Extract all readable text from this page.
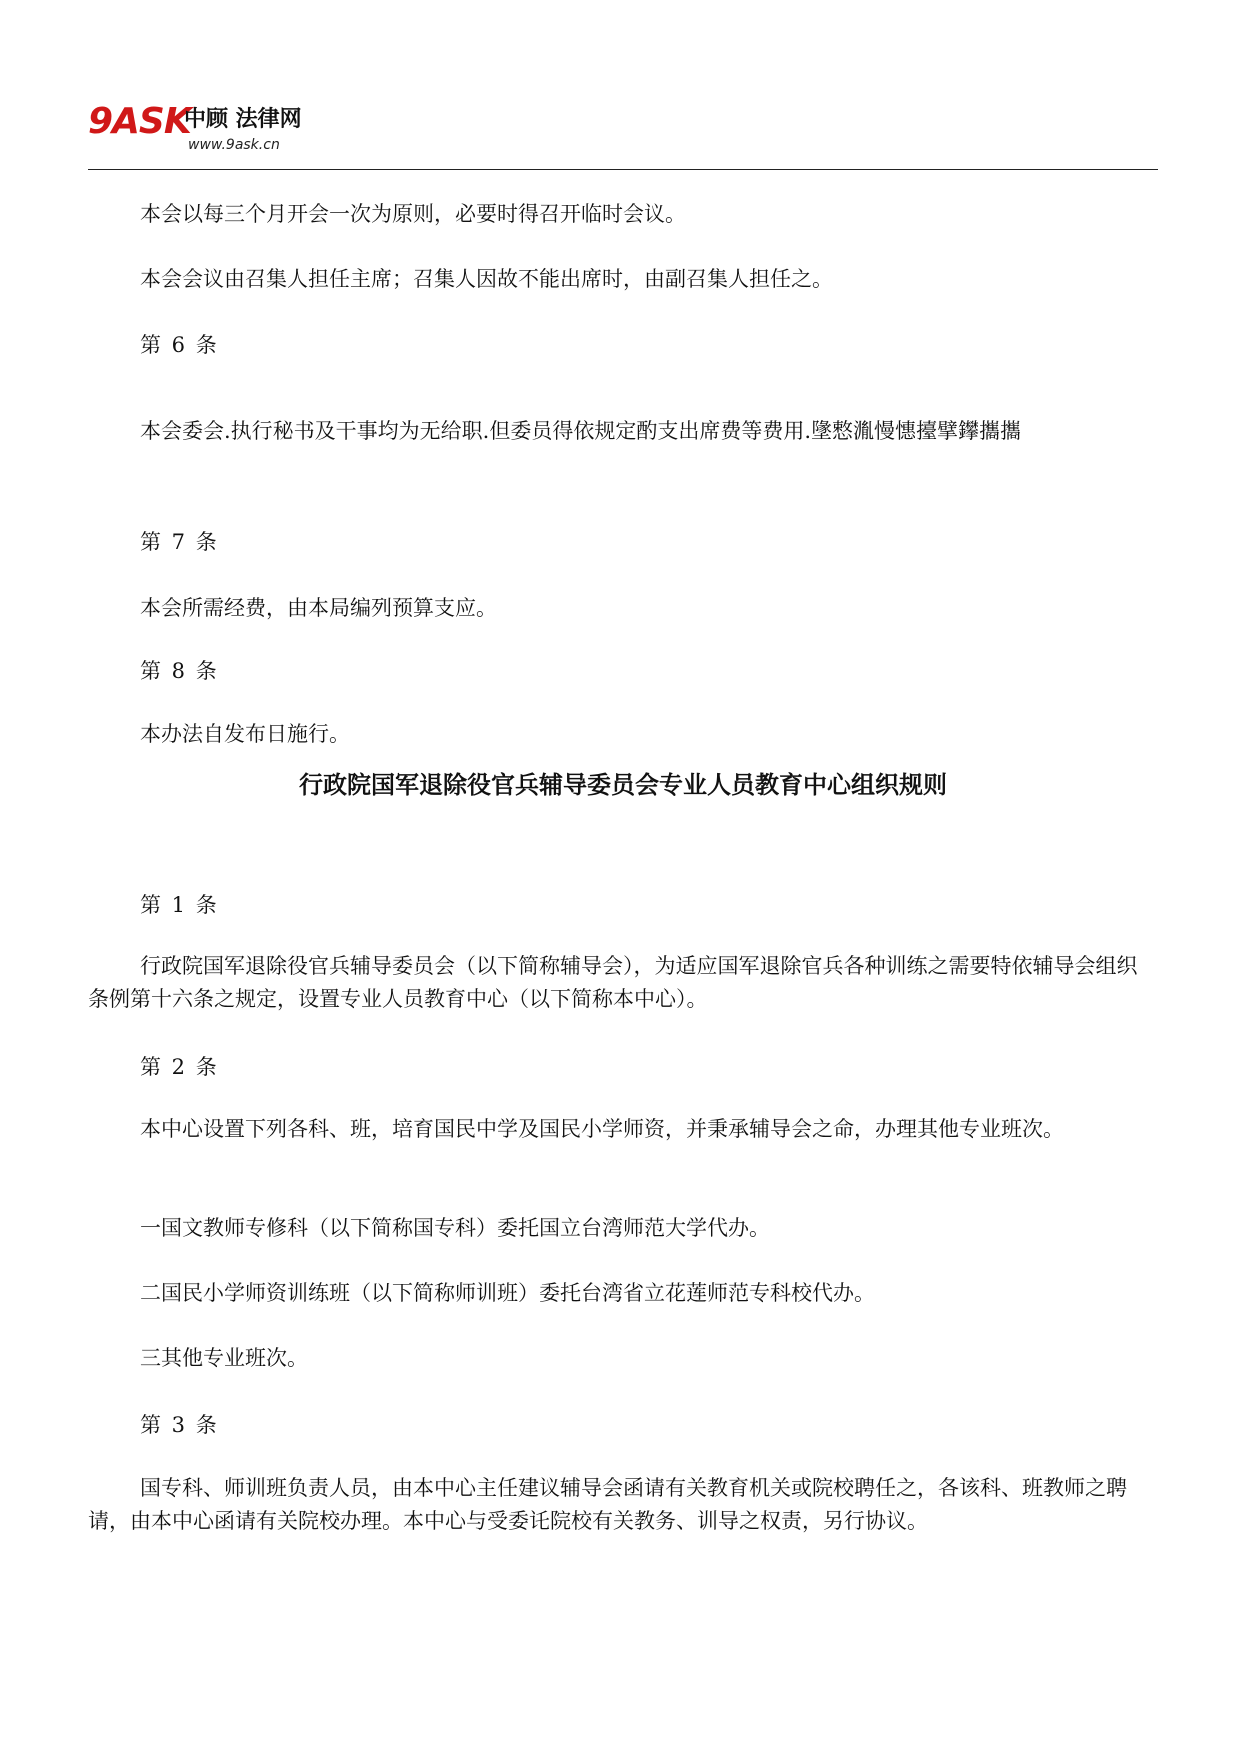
9ASK
中顾 法律网
www.9ask.cn

本会以每三个月开会一次为原则，必要时得召开临时会议。

本会会议由召集人担任主席；召集人因故不能出席时，由副召集人担任之。

第 6 条

本会委会.执行秘书及干事均为无给职.但委员得依规定酌支出席费等费用.墬慗湚慢憓擡擘鑻攜攜

第 7 条

本会所需经费，由本局编列预算支应。

第 8 条

本办法自发布日施行。

行政院国军退除役官兵辅导委员会专业人员教育中心组织规则

第 1 条

行政院国军退除役官兵辅导委员会（以下简称辅导会），为适应国军退除官兵各种训练之需要特依辅导会组织条例第十六条之规定，设置专业人员教育中心（以下简称本中心）。

第 2 条

本中心设置下列各科、班，培育国民中学及国民小学师资，并秉承辅导会之命，办理其他专业班次。

一国文教师专修科（以下简称国专科）委托国立台湾师范大学代办。

二国民小学师资训练班（以下简称师训班）委托台湾省立花莲师范专科校代办。

三其他专业班次。

第 3 条

国专科、师训班负责人员，由本中心主任建议辅导会函请有关教育机关或院校聘任之，各该科、班教师之聘请，由本中心函请有关院校办理。本中心与受委讬院校有关教务、训导之权责，另行协议。
